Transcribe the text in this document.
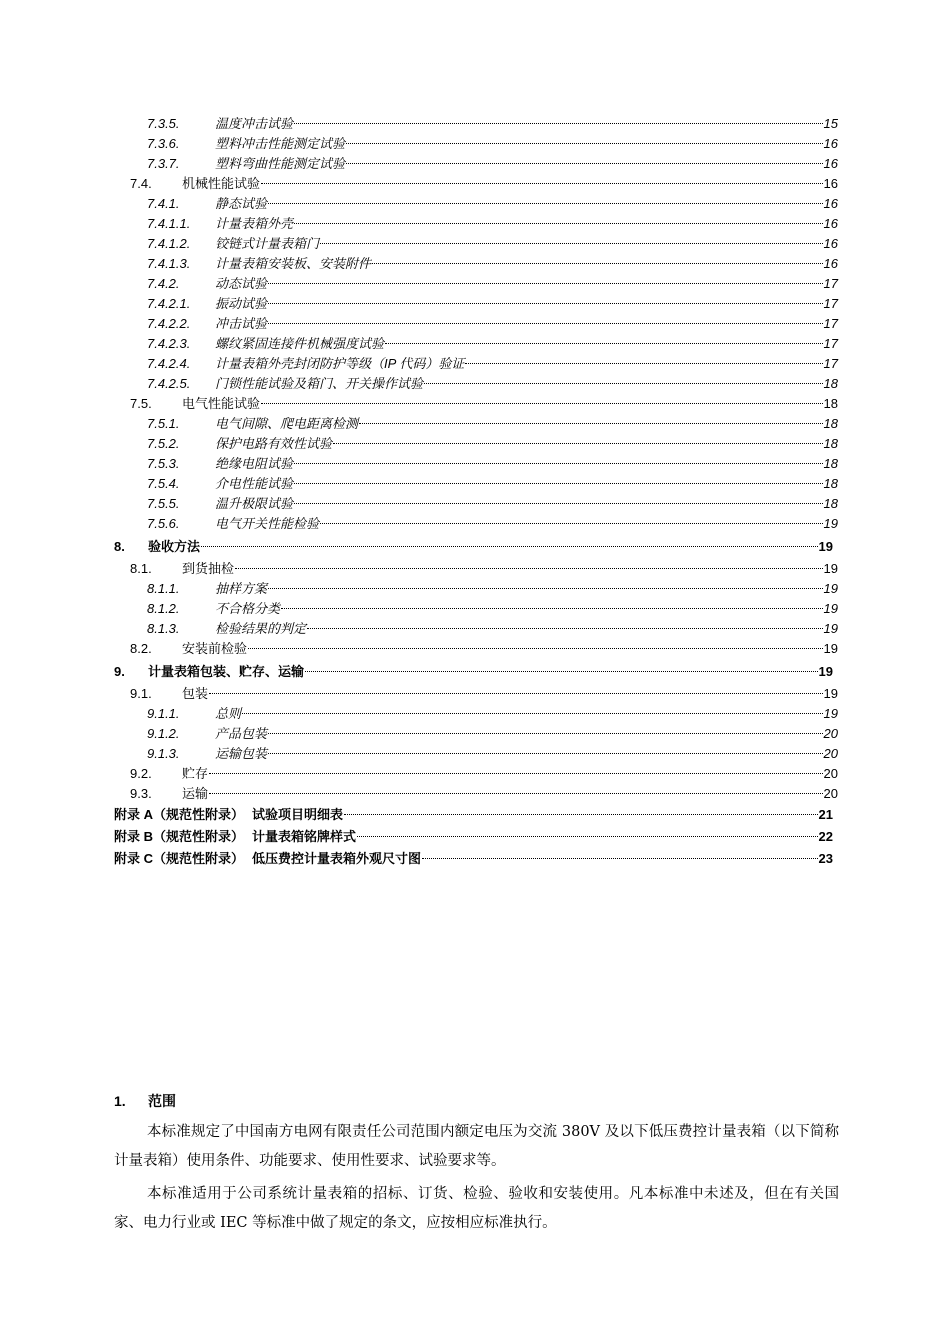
7.3.5.	温度冲击试验	15
7.3.6.	塑料冲击性能测定试验	16
7.3.7.	塑料弯曲性能测定试验	16
7.4.	机械性能试验	16
7.4.1.	静态试验	16
7.4.1.1.	计量表箱外壳	16
7.4.1.2.	铰链式计量表箱门	16
7.4.1.3.	计量表箱安装板、安装附件	16
7.4.2.	动态试验	17
7.4.2.1.	振动试验	17
7.4.2.2.	冲击试验	17
7.4.2.3.	螺纹紧固连接件机械强度试验	17
7.4.2.4.	计量表箱外壳封闭防护等级（IP 代码）验证	17
7.4.2.5.	门锁性能试验及箱门、开关操作试验	18
7.5.	电气性能试验	18
7.5.1.	电气间隙、爬电距离检测	18
7.5.2.	保护电路有效性试验	18
7.5.3.	绝缘电阻试验	18
7.5.4.	介电性能试验	18
7.5.5.	温升极限试验	18
7.5.6.	电气开关性能检验	19
8.	验收方法	19
8.1.	到货抽检	19
8.1.1.	抽样方案	19
8.1.2.	不合格分类	19
8.1.3.	检验结果的判定	19
8.2.	安装前检验	19
9.	计量表箱包装、贮存、运输	19
9.1.	包装	19
9.1.1.	总则	19
9.1.2.	产品包装	20
9.1.3.	运输包装	20
9.2.	贮存	20
9.3.	运输	20
附录 A（规范性附录） 试验项目明细表	21
附录 B（规范性附录） 计量表箱铭牌样式	22
附录 C（规范性附录） 低压费控计量表箱外观尺寸图	23
1.	范围

本标准规定了中国南方电网有限责任公司范围内额定电压为交流 380V 及以下低压费控计量表箱（以下简称计量表箱）使用条件、功能要求、使用性要求、试验要求等。

本标准适用于公司系统计量表箱的招标、订货、检验、验收和安装使用。凡本标准中未述及，但在有关国家、电力行业或 IEC 等标准中做了规定的条文，应按相应标准执行。
